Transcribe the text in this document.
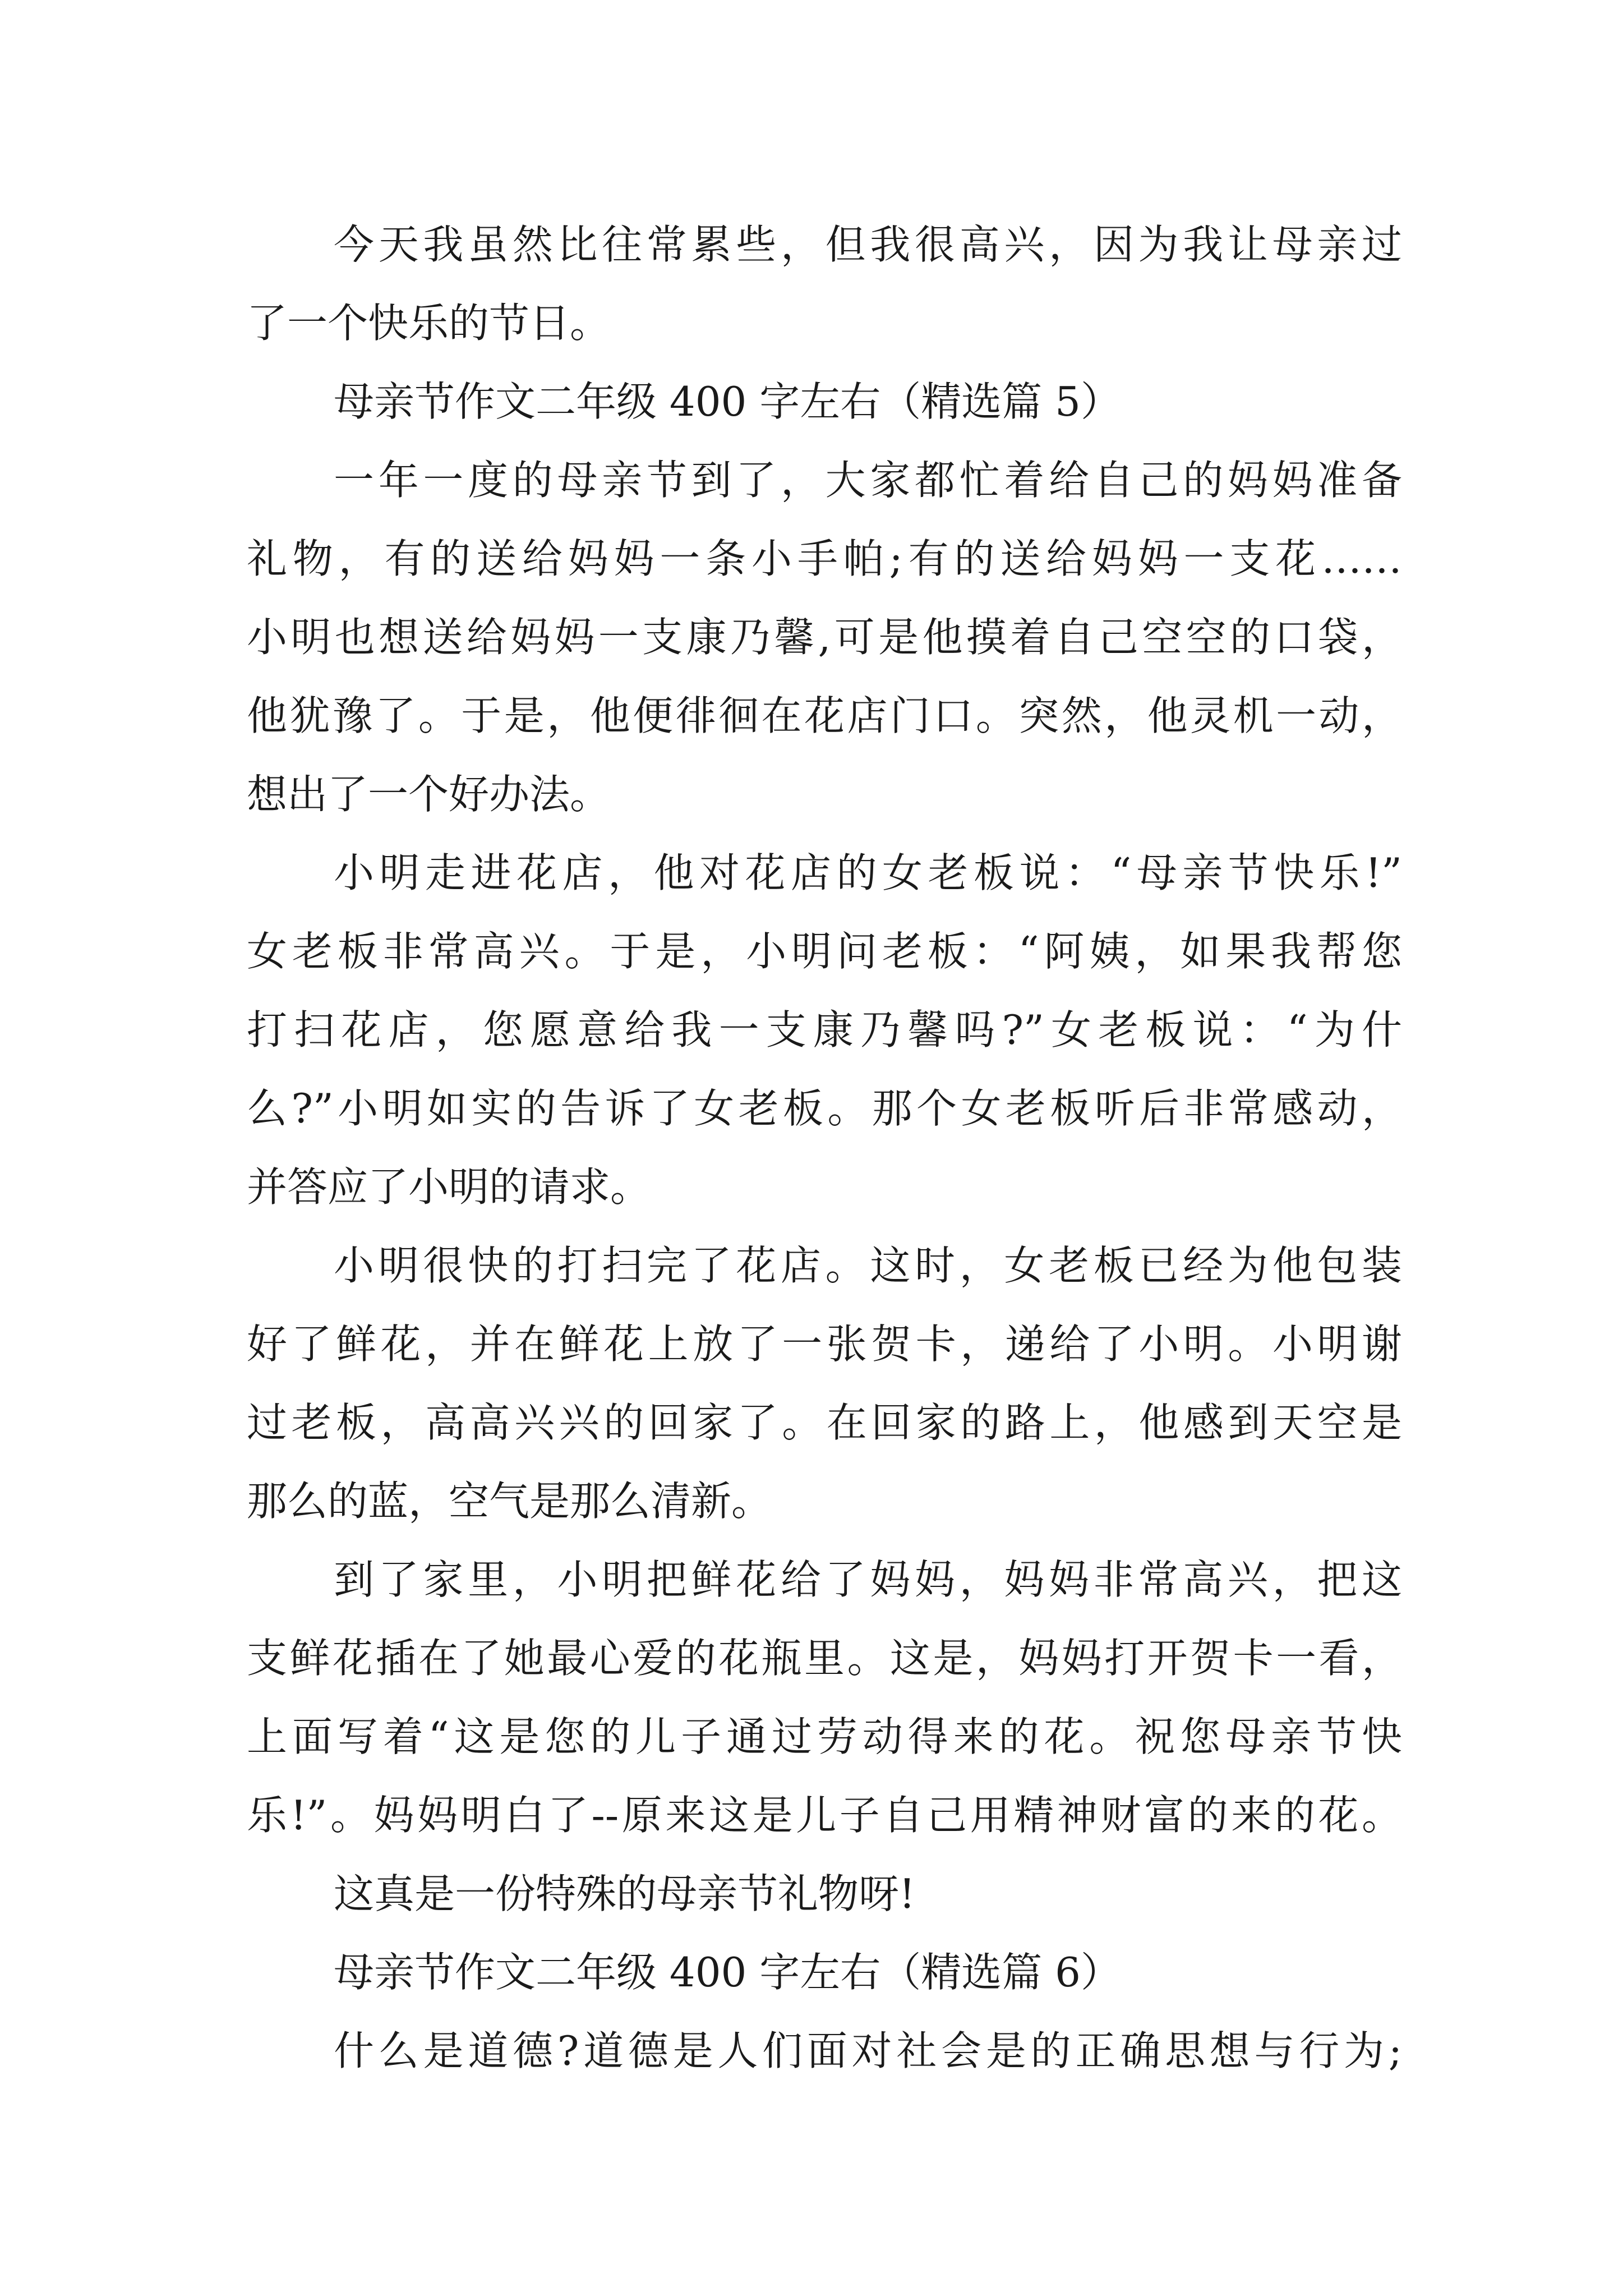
今天我虽然比往常累些，但我很高兴，因为我让母亲过
了一个快乐的节日。
母亲节作文二年级 400 字左右（精选篇 5）
一年一度的母亲节到了，大家都忙着给自己的妈妈准备
礼物，有的送给妈妈一条小手帕;有的送给妈妈一支花……
小明也想送给妈妈一支康乃馨,可是他摸着自己空空的口袋，
他犹豫了。于是，他便徘徊在花店门口。突然，他灵机一动，
想出了一个好办法。
小明走进花店，他对花店的女老板说：“母亲节快乐!”
女老板非常高兴。于是，小明问老板：“阿姨，如果我帮您
打扫花店，您愿意给我一支康乃馨吗?”女老板说：“为什
么?”小明如实的告诉了女老板。那个女老板听后非常感动，
并答应了小明的请求。
小明很快的打扫完了花店。这时，女老板已经为他包装
好了鲜花，并在鲜花上放了一张贺卡，递给了小明。小明谢
过老板，高高兴兴的回家了。在回家的路上，他感到天空是
那么的蓝，空气是那么清新。
到了家里，小明把鲜花给了妈妈，妈妈非常高兴，把这
支鲜花插在了她最心爱的花瓶里。这是，妈妈打开贺卡一看，
上面写着“这是您的儿子通过劳动得来的花。祝您母亲节快
乐!”。妈妈明白了--原来这是儿子自己用精神财富的来的花。
这真是一份特殊的母亲节礼物呀!
母亲节作文二年级 400 字左右（精选篇 6）
什么是道德?道德是人们面对社会是的正确思想与行为;
